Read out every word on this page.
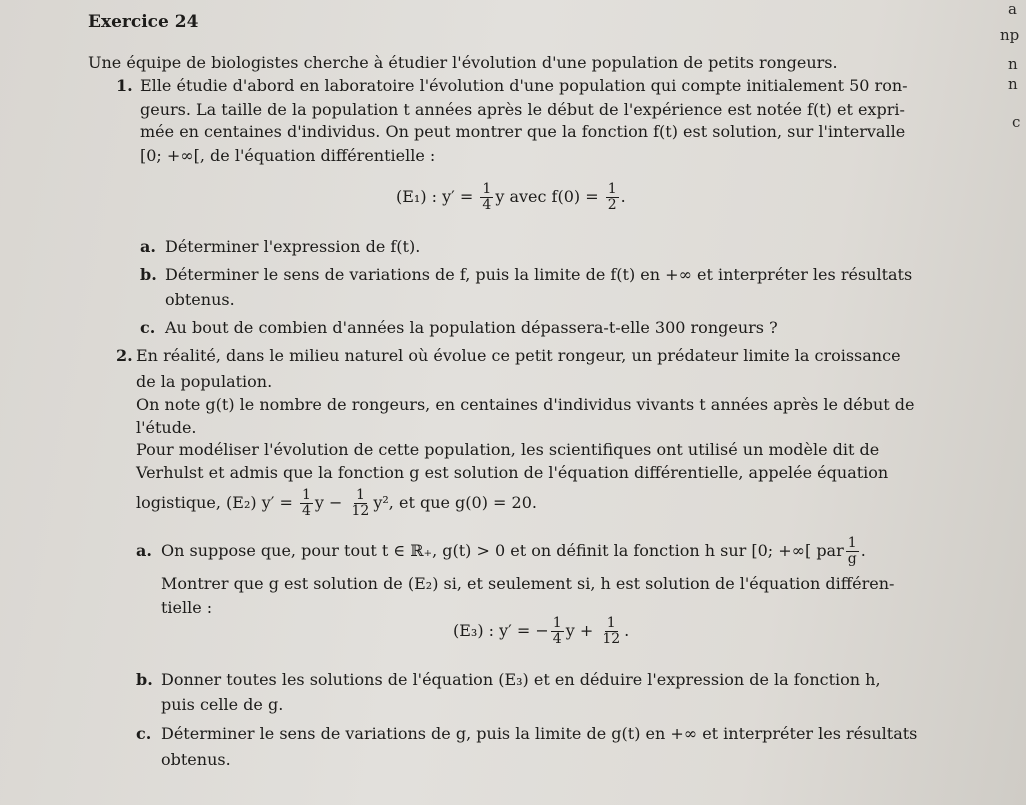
a
np
n
n
c
Exercice 24
Une équipe de biologistes cherche à étudier l'évolution d'une population de petits rongeurs.
1. Elle étudie d'abord en laboratoire l'évolution d'une population qui compte initialement 50 ron-
geurs. La taille de la population t années après le début de l'expérience est notée f(t) et expri-
mée en centaines d'individus. On peut montrer que la fonction f(t) est solution, sur l'intervalle
[0; +∞[, de l'équation différentielle :
(E₁) : $y' = \frac{1}{4}$ y avec $f(0) = \frac{1}{2}$ .
a. Déterminer l'expression de f(t).
b. Déterminer le sens de variations de f, puis la limite de f(t) en +∞ et interpréter les résultats
obtenus.
c. Au bout de combien d'années la population dépassera-t-elle 300 rongeurs ?
2. En réalité, dans le milieu naturel où évolue ce petit rongeur, un prédateur limite la croissance
de la population.
On note g(t) le nombre de rongeurs, en centaines d'individus vivants t années après le début de
l'étude.
Pour modéliser l'évolution de cette population, les scientifiques ont utilisé un modèle dit de
Verhulst et admis que la fonction g est solution de l'équation différentielle, appelée équation
logistique, (E₂) $y' = \frac{1}{4}$ $y - \frac{1}{12} y^2$, et que g(0) = 20.
a. On suppose que, pour tout t ∈ ℝ₊, g(t) > 0 et on définit la fonction h sur [0; +∞[ par $\frac{1}{g}$ .
Montrer que g est solution de (E₂) si, et seulement si, h est solution de l'équation différen-
tielle :
(E₃) : y′ = − $\frac{1}{4}$ $y + \frac{1}{12}$ .
b. Donner toutes les solutions de l'équation (E₃) et en déduire l'expression de la fonction h,
puis celle de g.
c. Déterminer le sens de variations de g, puis la limite de g(t) en +∞ et interpréter les résultats
obtenus.
